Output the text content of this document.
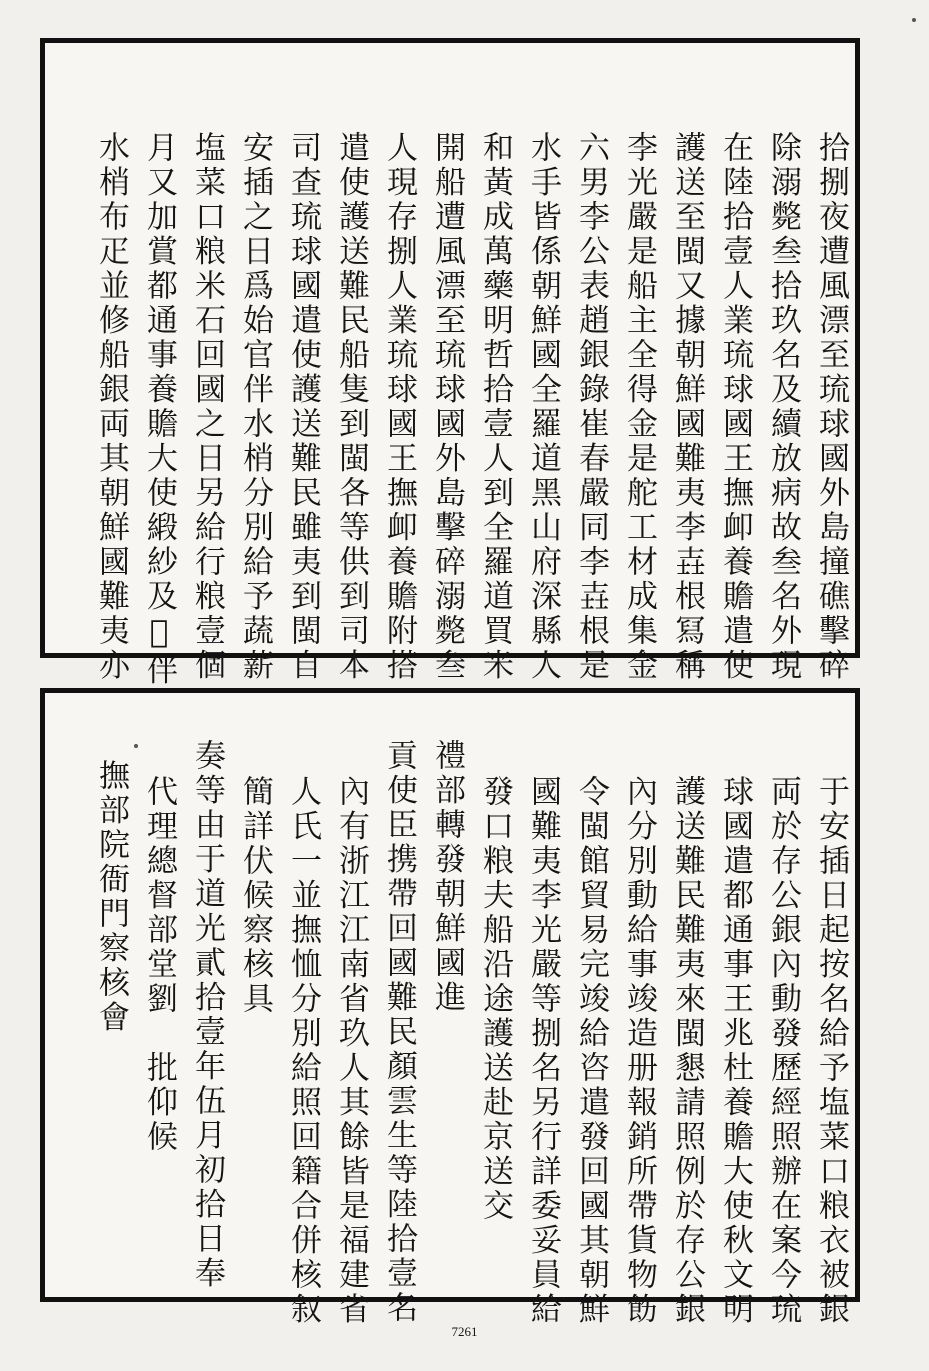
拾捌夜遭風漂至琉球國外島撞礁擊碎
除溺斃叁拾玖名及續放病故叁名外現
在陸拾壹人業琉球國王撫卹養贍遣使
護送至閩又據朝鮮國難夷李壵根冩稱
李光嚴是船主全得金是舵工材成集金
六男李公表趙銀錄崔春嚴同李壵根是
水手皆係朝鮮國全羅道黑山府深縣人
和黃成萬藥明哲拾壹人到全羅道買米
開船遭風漂至琉球國外島擊碎溺斃叁
人現存捌人業琉球國王撫卹養贍附搭
遣使護送難民船隻到閩各等供到司本
司查琉球國遣使護送難民雖夷到閩自
安插之日爲始官伴水梢分別給予蔬薪
塩菜口粮米石回國之日另給行粮壹個
月又加賞都通事養贍大使緞紗及𨺚伴
水梢布疋並修船銀両其朝鮮國難夷亦
于安插日起按名給予塩菜口粮衣被銀
両於存公銀內動發歷經照辦在案今琉
球國遣都通事王兆杜養贍大使秋文明
護送難民難夷來閩懇請照例於存公銀
內分別動給事竣造册報銷所帶貨物飭
令閩館貿易完竣給咨遣發回國其朝鮮
國難夷李光嚴等捌名另行詳委妥員給
發口粮夫船沿途護送赴京送交
禮部轉發朝鮮國進
貢使臣携帶回國難民顏雲生等陸拾壹名
內有浙江江南省玖人其餘皆是福建省
人氏一並撫恤分別給照回籍合併核叙
簡詳伏候察核具
奏等由于道光貳拾壹年伍月初拾日奉
代理總督部堂劉　批仰候
撫部院衙門察核會
7261
